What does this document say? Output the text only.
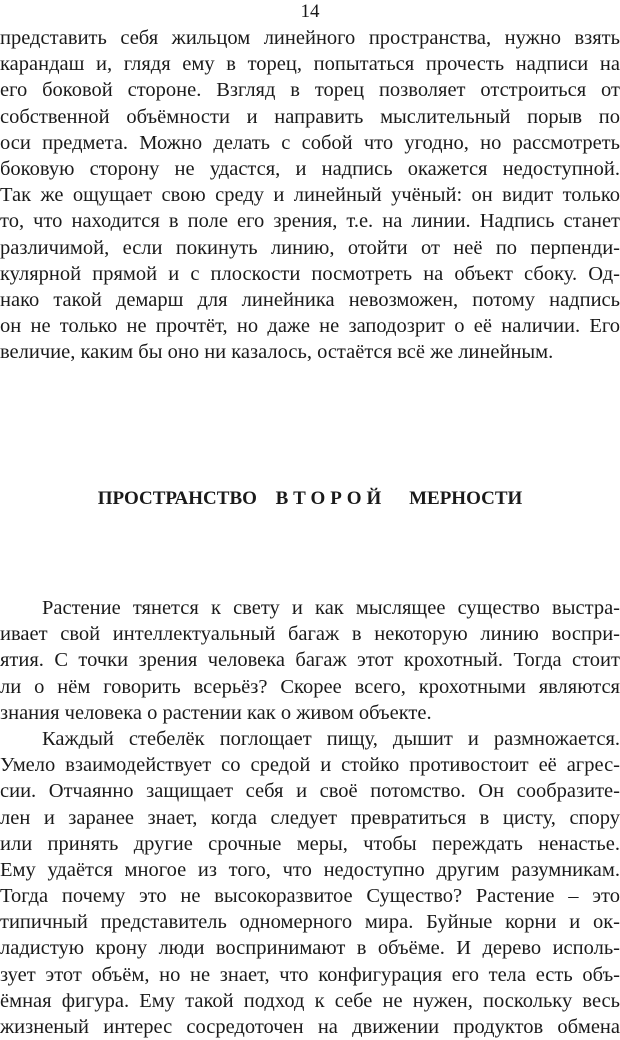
14
представить себя жильцом линейного пространства, нужно взять
карандаш и, глядя ему в торец, попытаться прочесть надписи на
его боковой стороне. Взгляд в торец позволяет отстроиться от
собственной объёмности и направить мыслительный порыв по
оси предмета. Можно делать с собой что угодно, но рассмотреть
боковую сторону не удастся, и надпись окажется недоступной.
Так же ощущает свою среду и линейный учёный: он видит только
то, что находится в поле его зрения, т.е. на линии. Надпись станет
различимой, если покинуть линию, отойти от неё по перпенди-
кулярной прямой и с плоскости посмотреть на объект сбоку. Од-
нако такой демарш для линейника невозможен, потому надпись
он не только не прочтёт, но даже не заподозрит о её наличии. Его
величие, каким бы оно ни казалось, остаётся всё же линейным.
ПРОСТРАНСТВО ВТОРОЙ МЕРНОСТИ
Растение тянется к свету и как мыслящее существо выстра-
ивает свой интеллектуальный багаж в некоторую линию воспри-
ятия. С точки зрения человека багаж этот крохотный. Тогда стоит
ли о нём говорить всерьёз? Скорее всего, крохотными являются
знания человека о растении как о живом объекте.
Каждый стебелёк поглощает пищу, дышит и размножается.
Умело взаимодействует со средой и стойко противостоит её агрес-
сии. Отчаянно защищает себя и своё потомство. Он сообразите-
лен и заранее знает, когда следует превратиться в цисту, спору
или принять другие срочные меры, чтобы переждать ненастье.
Ему удаётся многое из того, что недоступно другим разумникам.
Тогда почему это не высокоразвитое Существо? Растение – это
типичный представитель одномерного мира. Буйные корни и ок-
ладистую крону люди воспринимают в объёме. И дерево исполь-
зует этот объём, но не знает, что конфигурация его тела есть объ-
ёмная фигура. Ему такой подход к себе не нужен, поскольку весь
жизненый интерес сосредоточен на движении продуктов обмена
